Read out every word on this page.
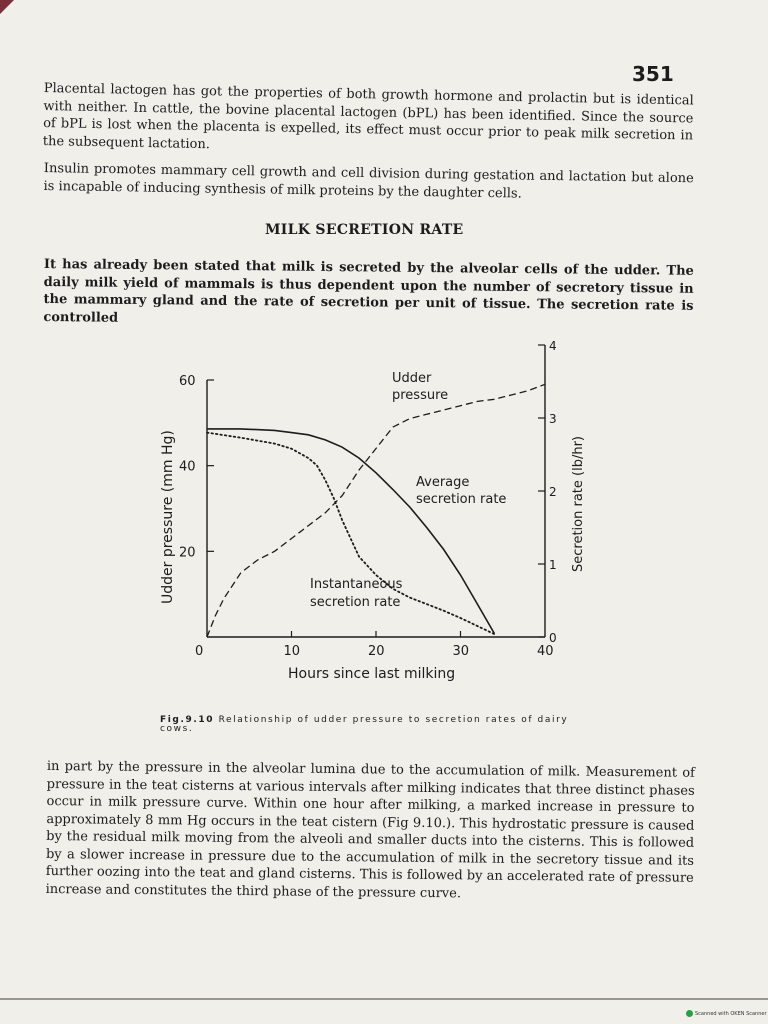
351

Placental lactogen has got the properties of both growth hormone and prolactin but is identical with neither. In cattle, the bovine placental lactogen (bPL) has been identified. Since the source of bPL is lost when the placenta is expelled, its effect must occur prior to peak milk secretion in the subsequent lactation.

Insulin promotes mammary cell growth and cell division during gestation and lactation but alone is incapable of inducing synthesis of milk proteins by the daughter cells.

MILK SECRETION RATE

It has already been stated that milk is secreted by the alveolar cells of the udder. The daily milk yield of mammals is thus dependent upon the number of secretory tissue in the mammary gland and the rate of secretion per unit of tissue. The secretion rate is controlled

0	10	20	30	40
20
40
60
0
1
2
3
4
Hours since last milking
Udder pressure (mm Hg)	Secretion rate (lb/hr)
Udder
pressure
Average
secretion rate
Instantaneous
secretion rate
Fig.9.10 Relationship of udder pressure to secretion rates of dairy cows.

in part by the pressure in the alveolar lumina due to the accumulation of milk. Measurement of pressure in the teat cisterns at various intervals after milking indicates that three distinct phases occur in milk pressure curve. Within one hour after milking, a marked increase in pressure to approximately 8 mm Hg occurs in the teat cistern (Fig 9.10.). This hydrostatic pressure is caused by the residual milk moving from the alveoli and smaller ducts into the cisterns. This is followed by a slower increase in pressure due to the accumulation of milk in the secretory tissue and its further oozing into the teat and gland cisterns. This is followed by an accelerated rate of pressure increase and constitutes the third phase of the pressure curve.

Scanned with OKEN Scanner
